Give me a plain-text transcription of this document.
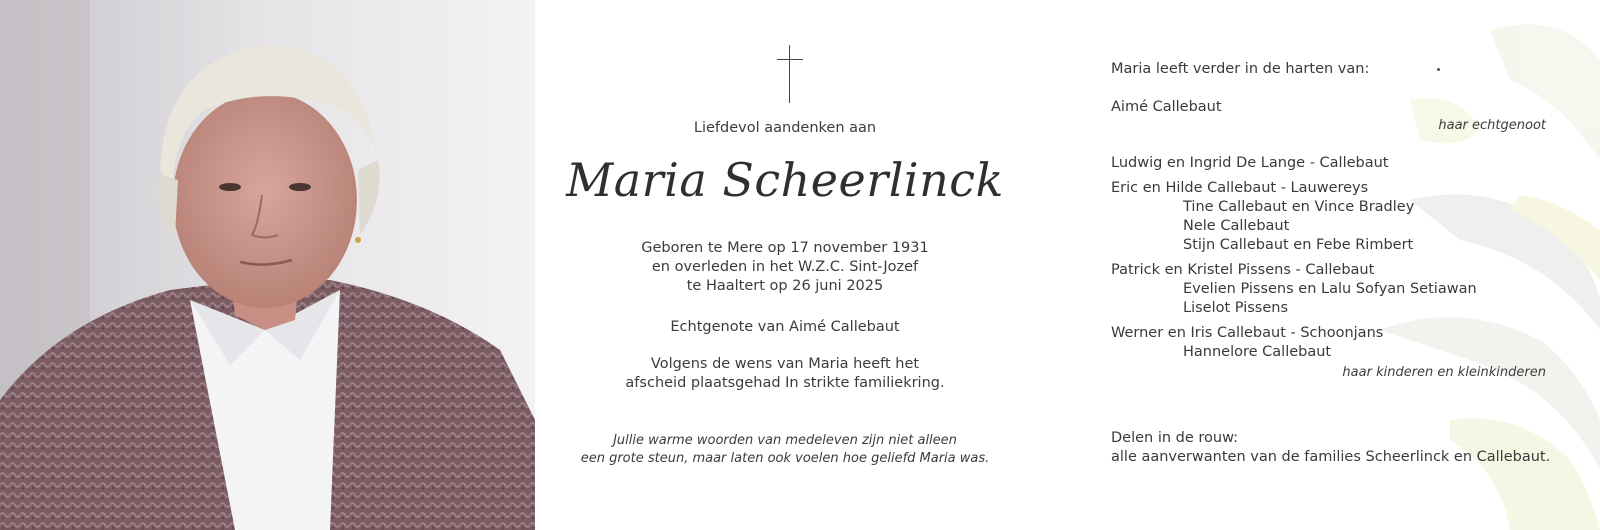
Liefdevol aandenken aan
Maria Scheerlinck
Geboren te Mere op 17 november 1931
en overleden in het W.Z.C. Sint-Jozef
te Haaltert op 26 juni 2025
Echtgenote van Aimé Callebaut
Volgens de wens van Maria heeft het
afscheid plaatsgehad In strikte familiekring.
Jullie warme woorden van medeleven zijn niet alleen
een grote steun, maar laten ook voelen hoe geliefd Maria was.
Maria leeft verder in de harten van:
Aimé Callebaut
haar echtgenoot
Ludwig en Ingrid De Lange - Callebaut
Eric en Hilde Callebaut - Lauwereys
Tine Callebaut en Vince Bradley
Nele Callebaut
Stijn Callebaut en Febe Rimbert
Patrick en Kristel Pissens - Callebaut
Evelien Pissens en Lalu Sofyan Setiawan
Liselot Pissens
Werner en Iris Callebaut - Schoonjans
Hannelore Callebaut
haar kinderen en kleinkinderen
Delen in de rouw:
alle aanverwanten van de families Scheerlinck en Callebaut.
